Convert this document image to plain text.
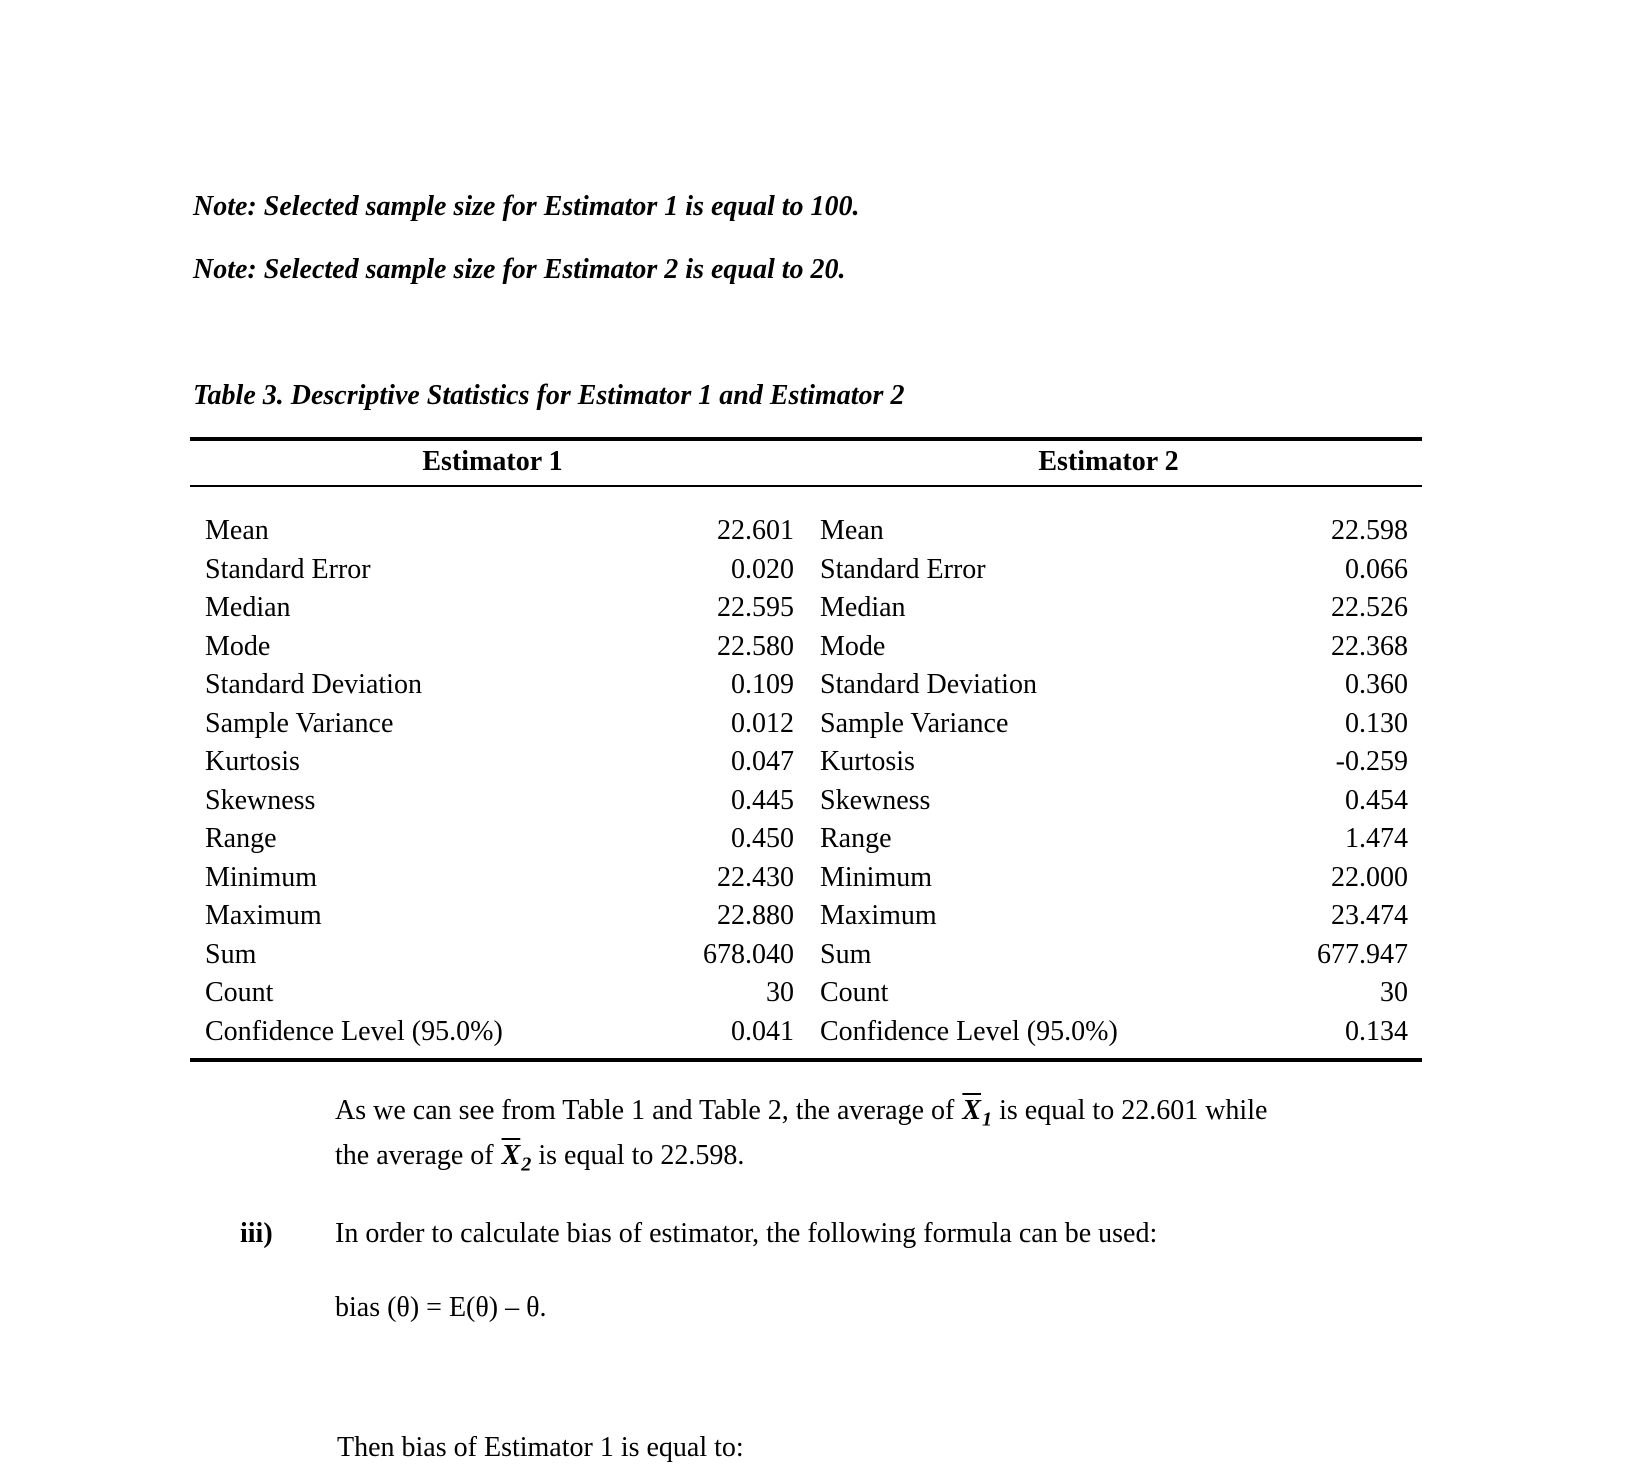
Note: Selected sample size for Estimator 1 is equal to 100.

Note: Selected sample size for Estimator 2 is equal to 20.

Table 3. Descriptive Statistics for Estimator 1 and Estimator 2

Estimator 1		Estimator 2	
Mean	22.601	Mean	22.598
Standard Error	0.020	Standard Error	0.066
Median	22.595	Median	22.526
Mode	22.580	Mode	22.368
Standard Deviation	0.109	Standard Deviation	0.360
Sample Variance	0.012	Sample Variance	0.130
Kurtosis	0.047	Kurtosis	-0.259
Skewness	0.445	Skewness	0.454
Range	0.450	Range	1.474
Minimum	22.430	Minimum	22.000
Maximum	22.880	Maximum	23.474
Sum	678.040	Sum	677.947
Count	30	Count	30
Confidence Level (95.0%)	0.041	Confidence Level (95.0%)	0.134

As we can see from Table 1 and Table 2, the average of $\overline{X}_1$ is equal to 22.601 while
the average of $\overline{X}_2$ is equal to 22.598.

iii) In order to calculate bias of estimator, the following formula can be used:

bias (θ) = E(θ) – θ.

Then bias of Estimator 1 is equal to:
